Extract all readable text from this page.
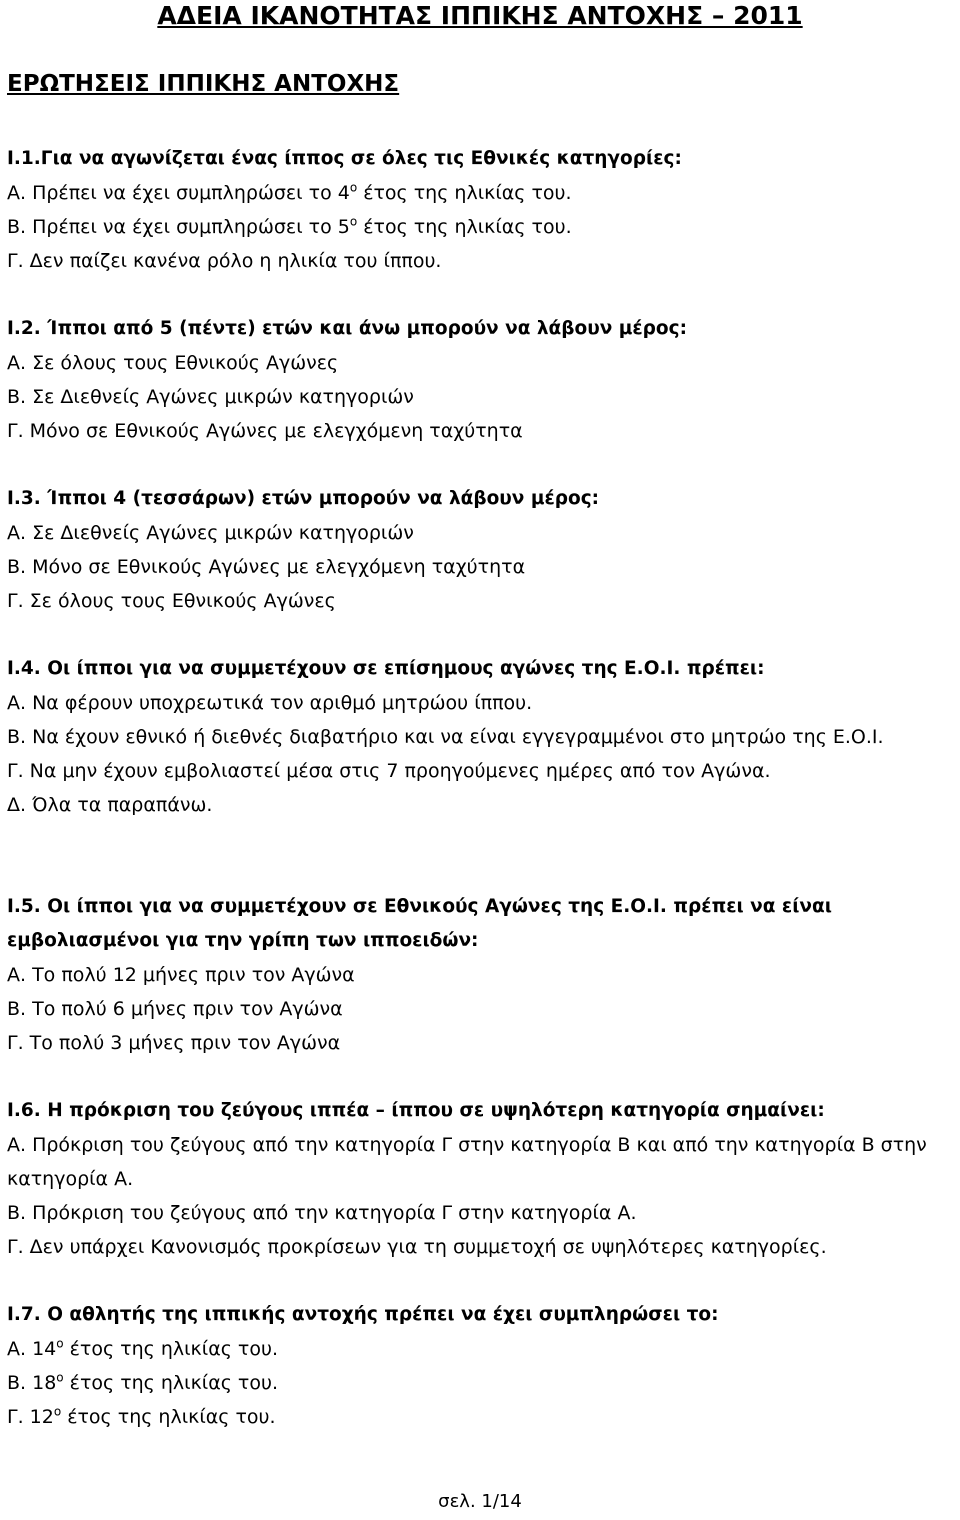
ΑΔΕΙΑ ΙΚΑΝΟΤΗΤΑΣ ΙΠΠΙΚΗΣ ΑΝΤΟΧΗΣ – 2011
ΕΡΩΤΗΣΕΙΣ ΙΠΠΙΚΗΣ ΑΝΤΟΧΗΣ
Ι.1.Για να αγωνίζεται ένας ίππος σε όλες τις Εθνικές κατηγορίες:
Α. Πρέπει να έχει συμπληρώσει το $4^o$ έτος της ηλικίας του.
Β. Πρέπει να έχει συμπληρώσει το $5^o$ έτος της ηλικίας του.
Γ. Δεν παίζει κανένα ρόλο η ηλικία του ίππου.
Ι.2. Ίπποι από 5 (πέντε) ετών και άνω μπορούν να λάβουν μέρος:
Α. Σε όλους τους Εθνικούς Αγώνες
Β. Σε Διεθνείς Αγώνες μικρών κατηγοριών
Γ. Μόνο σε Εθνικούς Αγώνες με ελεγχόμενη ταχύτητα
Ι.3. Ίπποι 4 (τεσσάρων) ετών μπορούν να λάβουν μέρος:
Α. Σε Διεθνείς Αγώνες μικρών κατηγοριών
Β. Μόνο σε Εθνικούς Αγώνες με ελεγχόμενη ταχύτητα
Γ. Σε όλους τους Εθνικούς Αγώνες
Ι.4. Οι ίπποι για να συμμετέχουν σε επίσημους αγώνες της Ε.Ο.Ι. πρέπει:
Α. Να φέρουν υποχρεωτικά τον αριθμό μητρώου ίππου.
Β. Να έχουν εθνικό ή διεθνές διαβατήριο και να είναι εγγεγραμμένοι στο μητρώο της Ε.Ο.Ι.
Γ. Να μην έχουν εμβολιαστεί μέσα στις 7 προηγούμενες ημέρες από τον Αγώνα.
Δ. Όλα τα παραπάνω.
Ι.5. Οι ίπποι για να συμμετέχουν σε Εθνικούς Αγώνες της Ε.Ο.Ι. πρέπει να είναι εμβολιασμένοι για την γρίπη των ιπποειδών:
Α. Το πολύ 12 μήνες πριν τον Αγώνα
Β. Το πολύ 6 μήνες πριν τον Αγώνα
Γ. Το πολύ 3 μήνες πριν τον Αγώνα
Ι.6. Η πρόκριση του ζεύγους ιππέα – ίππου σε υψηλότερη κατηγορία σημαίνει:
Α. Πρόκριση του ζεύγους από την κατηγορία Γ στην κατηγορία Β και από την κατηγορία Β στην κατηγορία Α.
Β. Πρόκριση του ζεύγους από την κατηγορία Γ στην κατηγορία Α.
Γ. Δεν υπάρχει Κανονισμός προκρίσεων για τη συμμετοχή σε υψηλότερες κατηγορίες.
Ι.7. Ο αθλητής της ιππικής αντοχής πρέπει να έχει συμπληρώσει το:
Α. $14^o$ έτος της ηλικίας του.
Β. $18^o$ έτος της ηλικίας του.
Γ. $12^o$ έτος της ηλικίας του.
σελ. 1/14
